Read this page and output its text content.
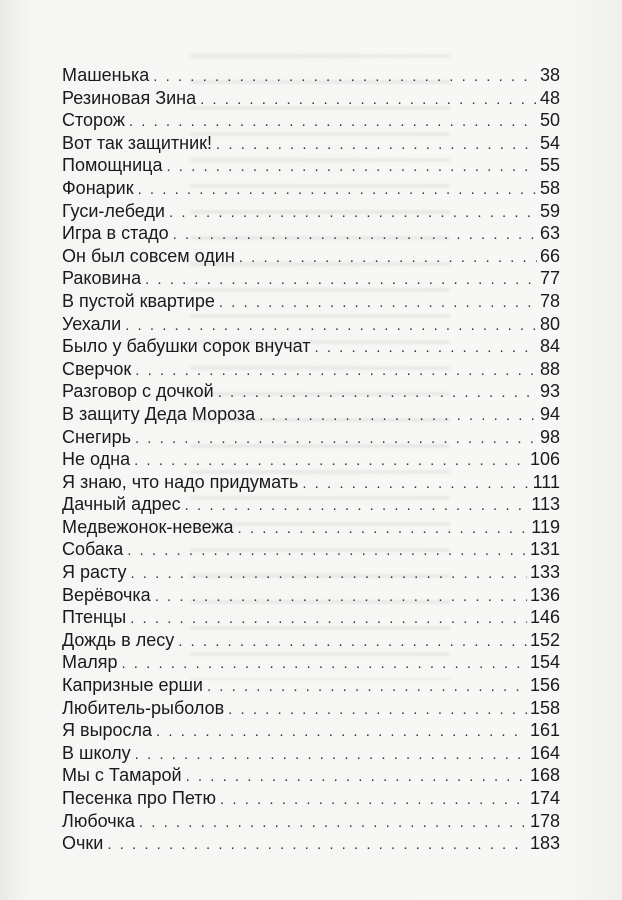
Машенька . . .	38
Резиновая Зина . . .	48
Сторож . . .	50
Вот так защитник! . . .	54
Помощница . . .	55
Фонарик . . .	58
Гуси-лебеди . . .	59
Игра в стадо . . .	63
Он был совсем один . . .	66
Раковина . . .	77
В пустой квартире . . .	78
Уехали . . .	80
Было у бабушки сорок внучат . . .	84
Сверчок . . .	88
Разговор с дочкой . . .	93
В защиту Деда Мороза . . .	94
Снегирь . . .	98
Не одна . . .	106
Я знаю, что надо придумать . . .	111
Дачный адрес . . .	113
Медвежонок-невежа . . .	119
Собака . . .	131
Я расту . . .	133
Верёвочка . . .	136
Птенцы . . .	146
Дождь в лесу . . .	152
Маляр . . .	154
Капризные ерши . . .	156
Любитель-рыболов . . .	158
Я выросла . . .	161
В школу . . .	164
Мы с Тамарой . . .	168
Песенка про Петю . . .	174
Любочка . . .	178
Очки . . .	183
